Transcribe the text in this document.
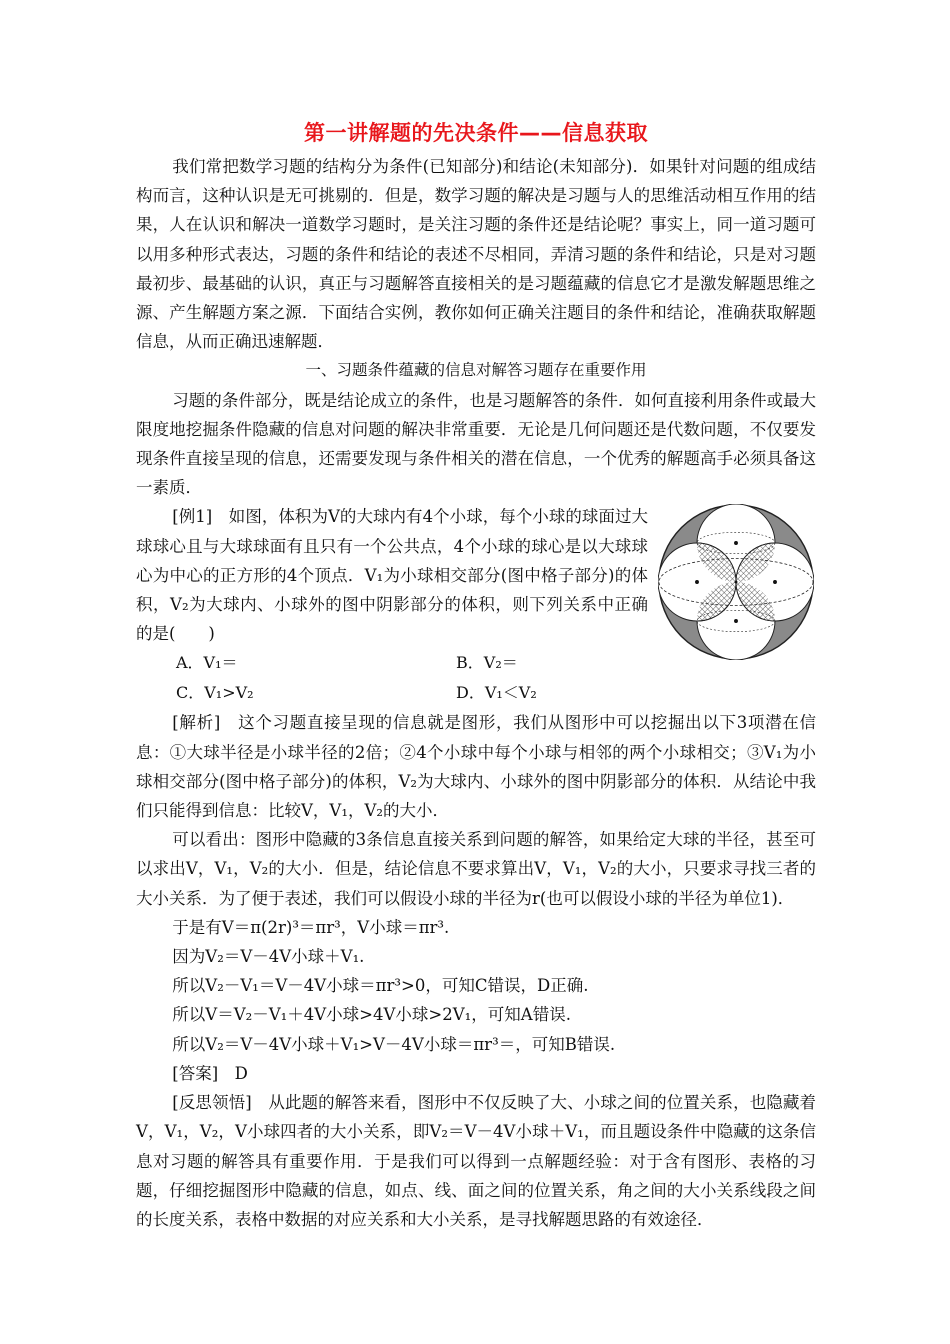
第一讲解题的先决条件——信息获取

我们常把数学习题的结构分为条件(已知部分)和结论(未知部分)．如果针对问题的组成结构而言，这种认识是无可挑剔的．但是，数学习题的解决是习题与人的思维活动相互作用的结果，人在认识和解决一道数学习题时，是关注习题的条件还是结论呢？事实上，同一道习题可以用多种形式表达，习题的条件和结论的表述不尽相同，弄清习题的条件和结论，只是对习题最初步、最基础的认识，真正与习题解答直接相关的是习题蕴藏的信息它才是激发解题思维之源、产生解题方案之源．下面结合实例，教你如何正确关注题目的条件和结论，准确获取解题信息，从而正确迅速解题．

一、习题条件蕴藏的信息对解答习题存在重要作用

习题的条件部分，既是结论成立的条件，也是习题解答的条件．如何直接利用条件或最大限度地挖掘条件隐藏的信息对问题的解决非常重要．无论是几何问题还是代数问题，不仅要发现条件直接呈现的信息，还需要发现与条件相关的潜在信息，一个优秀的解题高手必须具备这一素质．

[例1]　如图，体积为V的大球内有4个小球，每个小球的球面过大球球心且与大球球面有且只有一个公共点，4个小球的球心是以大球球心为中心的正方形的4个顶点．V₁为小球相交部分(图中格子部分)的体积，V₂为大球内、小球外的图中阴影部分的体积，则下列关系中正确的是(　　)

A．V₁＝	B．V₂＝
C．V₁>V₂	D．V₁＜V₂

[解析]　这个习题直接呈现的信息就是图形，我们从图形中可以挖掘出以下3项潜在信息：①大球半径是小球半径的2倍；②4个小球中每个小球与相邻的两个小球相交；③V₁为小球相交部分(图中格子部分)的体积，V₂为大球内、小球外的图中阴影部分的体积．从结论中我们只能得到信息：比较V，V₁，V₂的大小．

可以看出：图形中隐藏的3条信息直接关系到问题的解答，如果给定大球的半径，甚至可以求出V，V₁，V₂的大小．但是，结论信息不要求算出V，V₁，V₂的大小，只要求寻找三者的大小关系．为了便于表述，我们可以假设小球的半径为r(也可以假设小球的半径为单位1)．

于是有V＝π(2r)³＝πr³，V小球＝πr³.

因为V₂＝V－4V小球＋V₁.

所以V₂－V₁＝V－4V小球＝πr³>0，可知C错误，D正确.

所以V＝V₂－V₁＋4V小球>4V小球>2V₁，可知A错误.

所以V₂＝V－4V小球＋V₁>V－4V小球＝πr³＝，可知B错误.

[答案]　D

[反思领悟]　从此题的解答来看，图形中不仅反映了大、小球之间的位置关系，也隐藏着V，V₁，V₂，V小球四者的大小关系，即V₂＝V－4V小球＋V₁，而且题设条件中隐藏的这条信息对习题的解答具有重要作用．于是我们可以得到一点解题经验：对于含有图形、表格的习题，仔细挖掘图形中隐藏的信息，如点、线、面之间的位置关系，角之间的大小关系线段之间的长度关系，表格中数据的对应关系和大小关系，是寻找解题思路的有效途径．
